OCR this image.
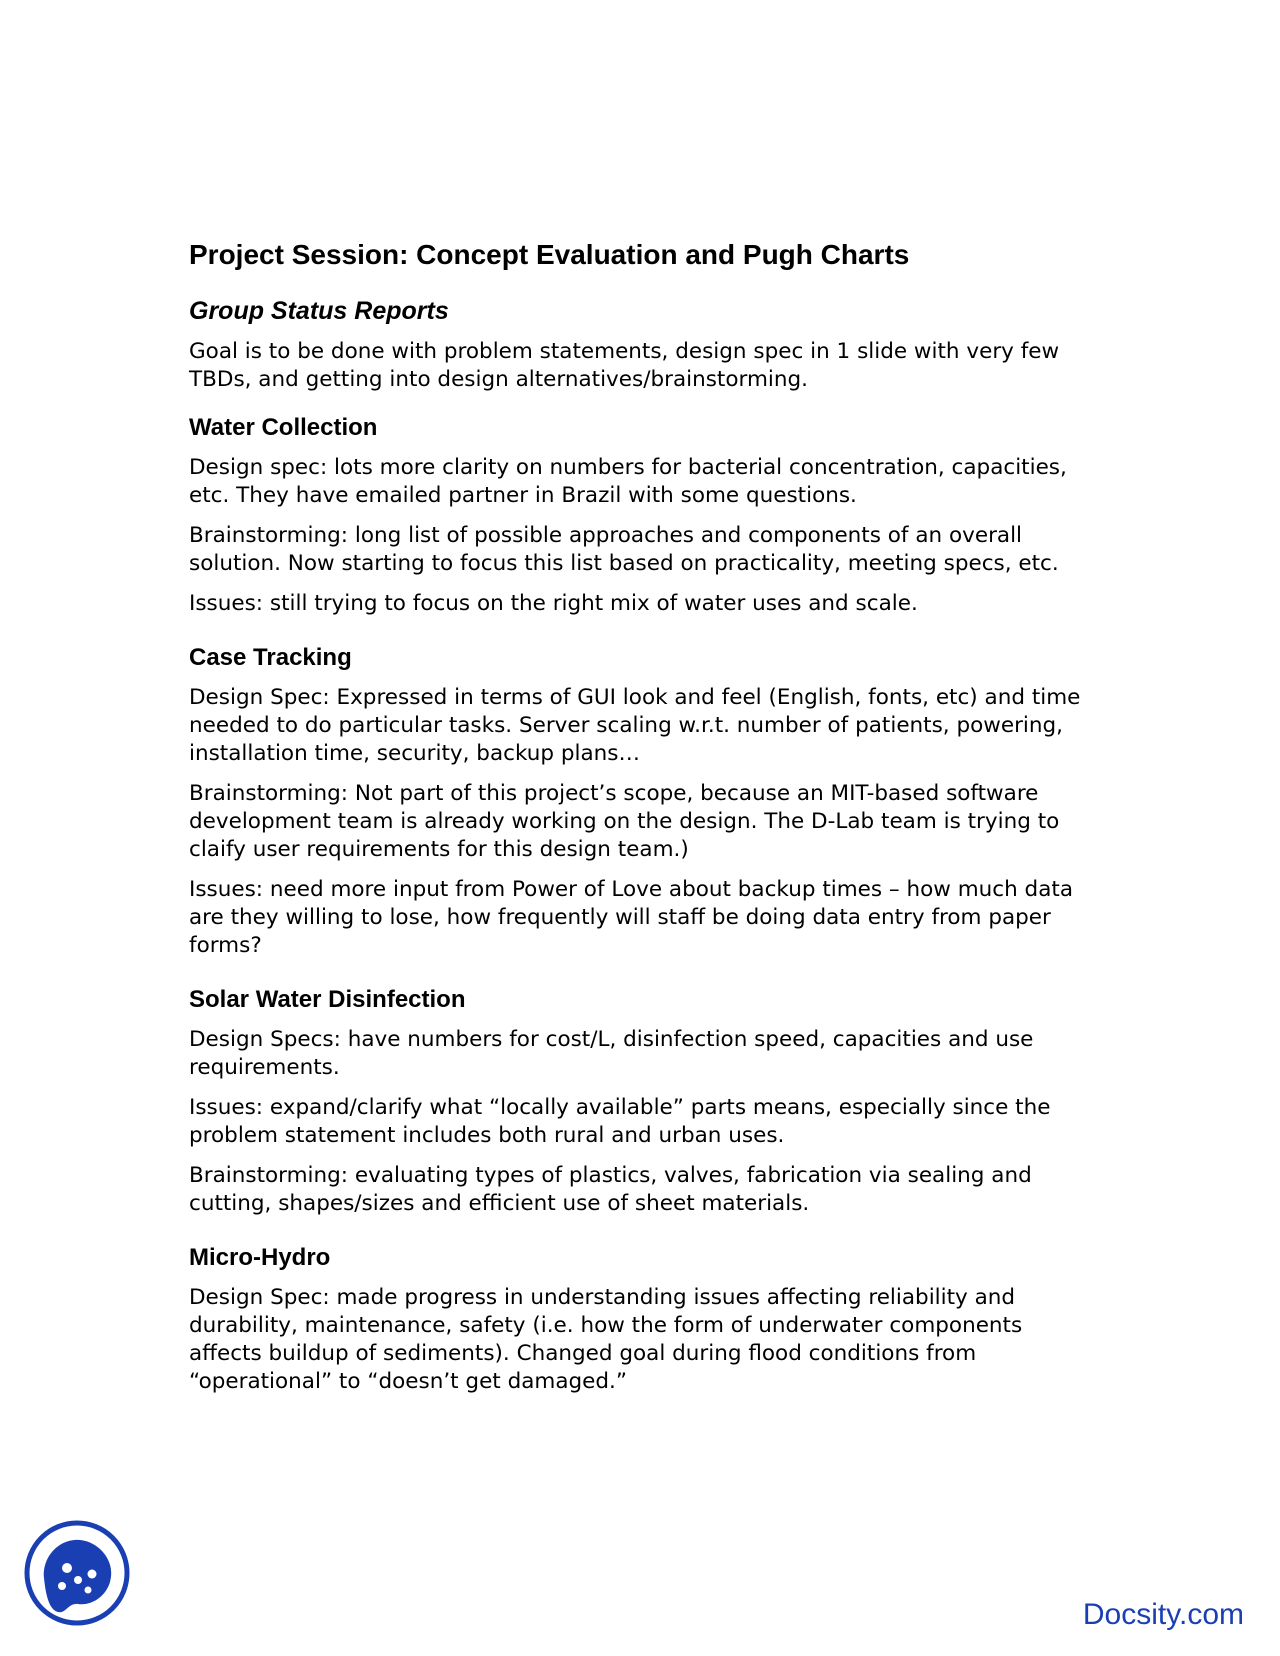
Project Session: Concept Evaluation and Pugh Charts
Group Status Reports

Goal is to be done with problem statements, design spec in 1 slide with very few TBDs, and getting into design alternatives/brainstorming.

Water Collection

Design spec: lots more clarity on numbers for bacterial concentration, capacities, etc. They have emailed partner in Brazil with some questions.

Brainstorming: long list of possible approaches and components of an overall solution. Now starting to focus this list based on practicality, meeting specs, etc.

Issues: still trying to focus on the right mix of water uses and scale.

Case Tracking

Design Spec: Expressed in terms of GUI look and feel (English, fonts, etc) and time needed to do particular tasks. Server scaling w.r.t. number of patients, powering, installation time, security, backup plans…

Brainstorming: Not part of this project’s scope, because an MIT-based software development team is already working on the design. The D-Lab team is trying to claify user requirements for this design team.)

Issues: need more input from Power of Love about backup times – how much data are they willing to lose, how frequently will staff be doing data entry from paper forms?

Solar Water Disinfection

Design Specs: have numbers for cost/L, disinfection speed, capacities and use requirements.

Issues: expand/clarify what “locally available” parts means, especially since the problem statement includes both rural and urban uses.

Brainstorming: evaluating types of plastics, valves, fabrication via sealing and cutting, shapes/sizes and efficient use of sheet materials.

Micro-Hydro

Design Spec: made progress in understanding issues affecting reliability and durability, maintenance, safety (i.e. how the form of underwater components affects buildup of sediments). Changed goal during flood conditions from “operational” to “doesn’t get damaged.”

Docsity.com
